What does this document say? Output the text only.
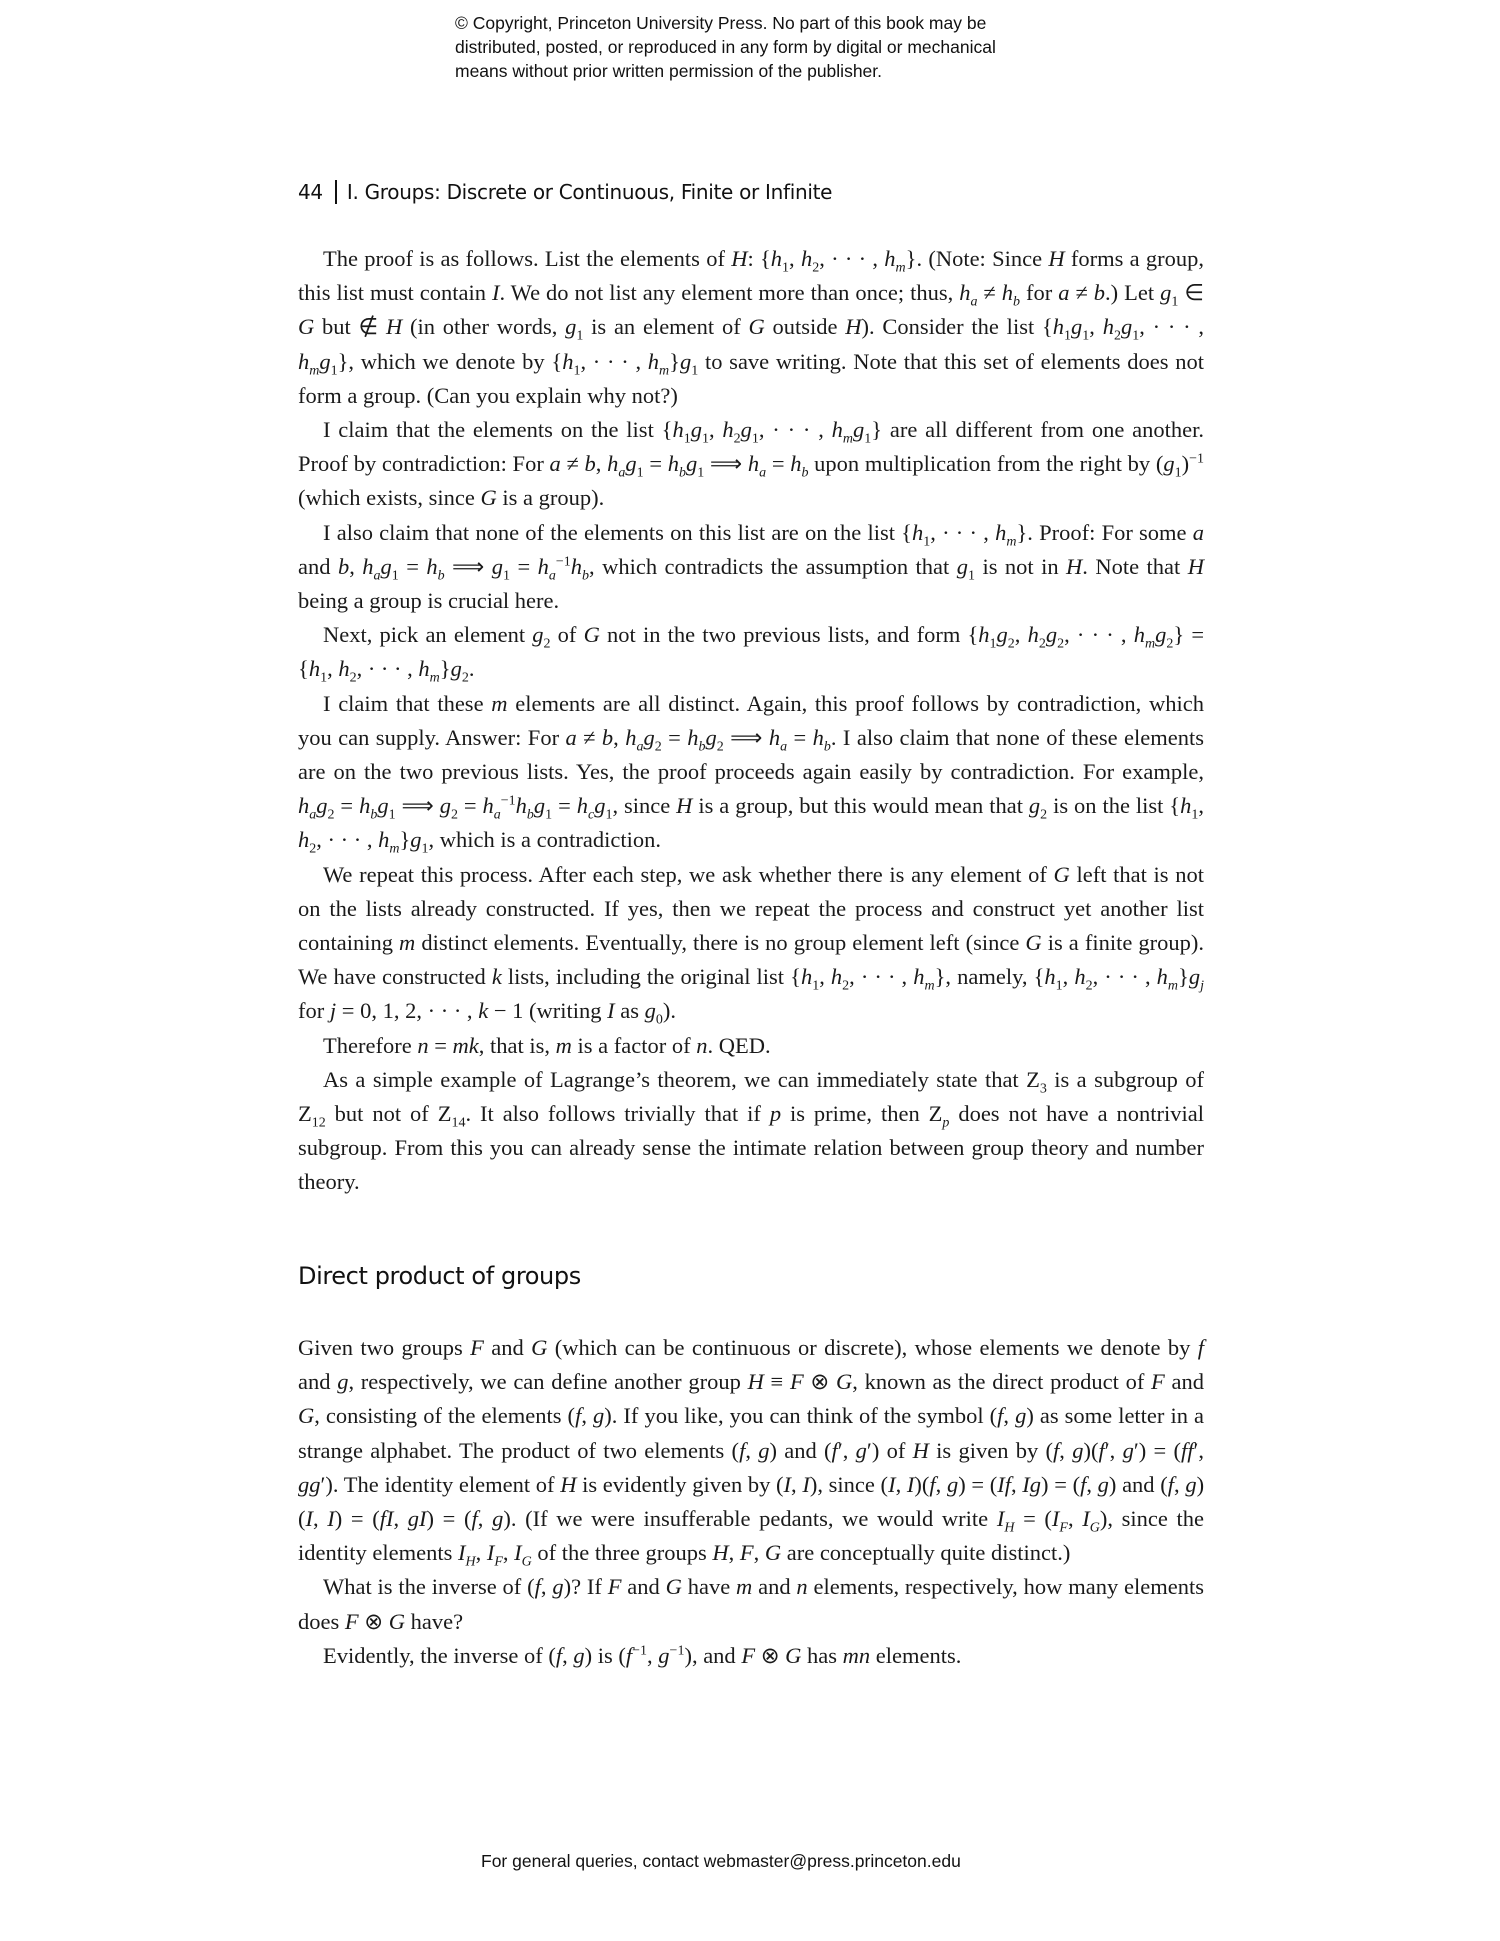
© Copyright, Princeton University Press. No part of this book may be
distributed, posted, or reproduced in any form by digital or mechanical
means without prior written permission of the publisher.
44 I. Groups: Discrete or Continuous, Finite or Infinite

The proof is as follows. List the elements of H: {$h_1$, $h_2$, · · · , $h_m$}. (Note: Since H forms a group, this list must contain I. We do not list any element more than once; thus, $h_a \ne h_b$ for a ≠ b.) Let $g_1$ ∈ G but ∉ H (in other words, $g_1$ is an element of G outside H). Consider the list {$h_1g_1$, $h_2g_1$, · · · , $h_mg_1$}, which we denote by {$h_1$, · · · , $h_m\}g_1$ to save writing. Note that this set of elements does not form a group. (Can you explain why not?)

I claim that the elements on the list {$h_1g_1$, $h_2g_1$, · · · , $h_mg_1$} are all different from one another. Proof by contradiction: For a ≠ b, $h_ag_1 = h_bg_1$ ⟹ $h_a = h_b$ upon multiplication from the right by $(g_1)^{-1}$ (which exists, since G is a group).

I also claim that none of the elements on this list are on the list {$h_1$, · · · , $h_m$}. Proof: For some a and b, $h_ag_1 = h_b$ ⟹ $g_1 = h_a^{-1}h_b$, which contradicts the assumption that $g_1$ is not in H. Note that H being a group is crucial here.

Next, pick an element $g_2$ of G not in the two previous lists, and form {$h_1g_2$, $h_2g_2$, · · · , $h_mg_2\} = \{h_1$, $h_2$, · · · , $h_m\}g_2$.

I claim that these m elements are all distinct. Again, this proof follows by contradiction, which you can supply. Answer: For a ≠ b, $h_ag_2 = h_bg_2$ ⟹ $h_a = h_b$. I also claim that none of these elements are on the two previous lists. Yes, the proof proceeds again easily by contradiction. For example, $h_ag_2 = h_bg_1$ ⟹ $g_2 = h_a^{-1}h_bg_1 = h_cg_1$, since H is a group, but this would mean that $g_2$ is on the list {$h_1$, $h_2$, · · · , $h_m\}g_1$, which is a contradiction.

We repeat this process. After each step, we ask whether there is any element of G left that is not on the lists already constructed. If yes, then we repeat the process and construct yet another list containing m distinct elements. Eventually, there is no group element left (since G is a finite group). We have constructed k lists, including the original list {$h_1$, $h_2$, · · · , $h_m$}, namely, {$h_1$, $h_2$, · · · , $h_m\}g_j$ for j = 0, 1, 2, · · · , k − 1 (writing I as $g_0$).

Therefore n = mk, that is, m is a factor of n. QED.

As a simple example of Lagrange’s theorem, we can immediately state that $Z_3$ is a subgroup of $Z_{12}$ but not of $Z_{14}$. It also follows trivially that if p is prime, then $Z_p$ does not have a nontrivial subgroup. From this you can already sense the intimate relation between group theory and number theory.

Direct product of groups

Given two groups F and G (which can be continuous or discrete), whose elements we denote by f and g, respectively, we can define another group H ≡ F ⊗ G, known as the direct product of F and G, consisting of the elements (f, g). If you like, you can think of the symbol (f, g) as some letter in a strange alphabet. The product of two elements (f, g) and (f′, g′) of H is given by (f, g)(f′, g′) = (ff′, gg′). The identity element of H is evidently given by (I, I), since (I, I)(f, g) = (If, Ig) = (f, g) and (f, g)(I, I) = (fI, gI) = (f, g). (If we were insufferable pedants, we would write $I_H = (I_F$, $I_G$), since the identity elements $I_H$, $I_F$, $I_G$ of the three groups H, F, G are conceptually quite distinct.)

What is the inverse of (f, g)? If F and G have m and n elements, respectively, how many elements does F ⊗ G have?

Evidently, the inverse of (f, g) is ($f^{-1}$, $g^{-1}$), and F ⊗ G has mn elements.

For general queries, contact webmaster@press.princeton.edu
